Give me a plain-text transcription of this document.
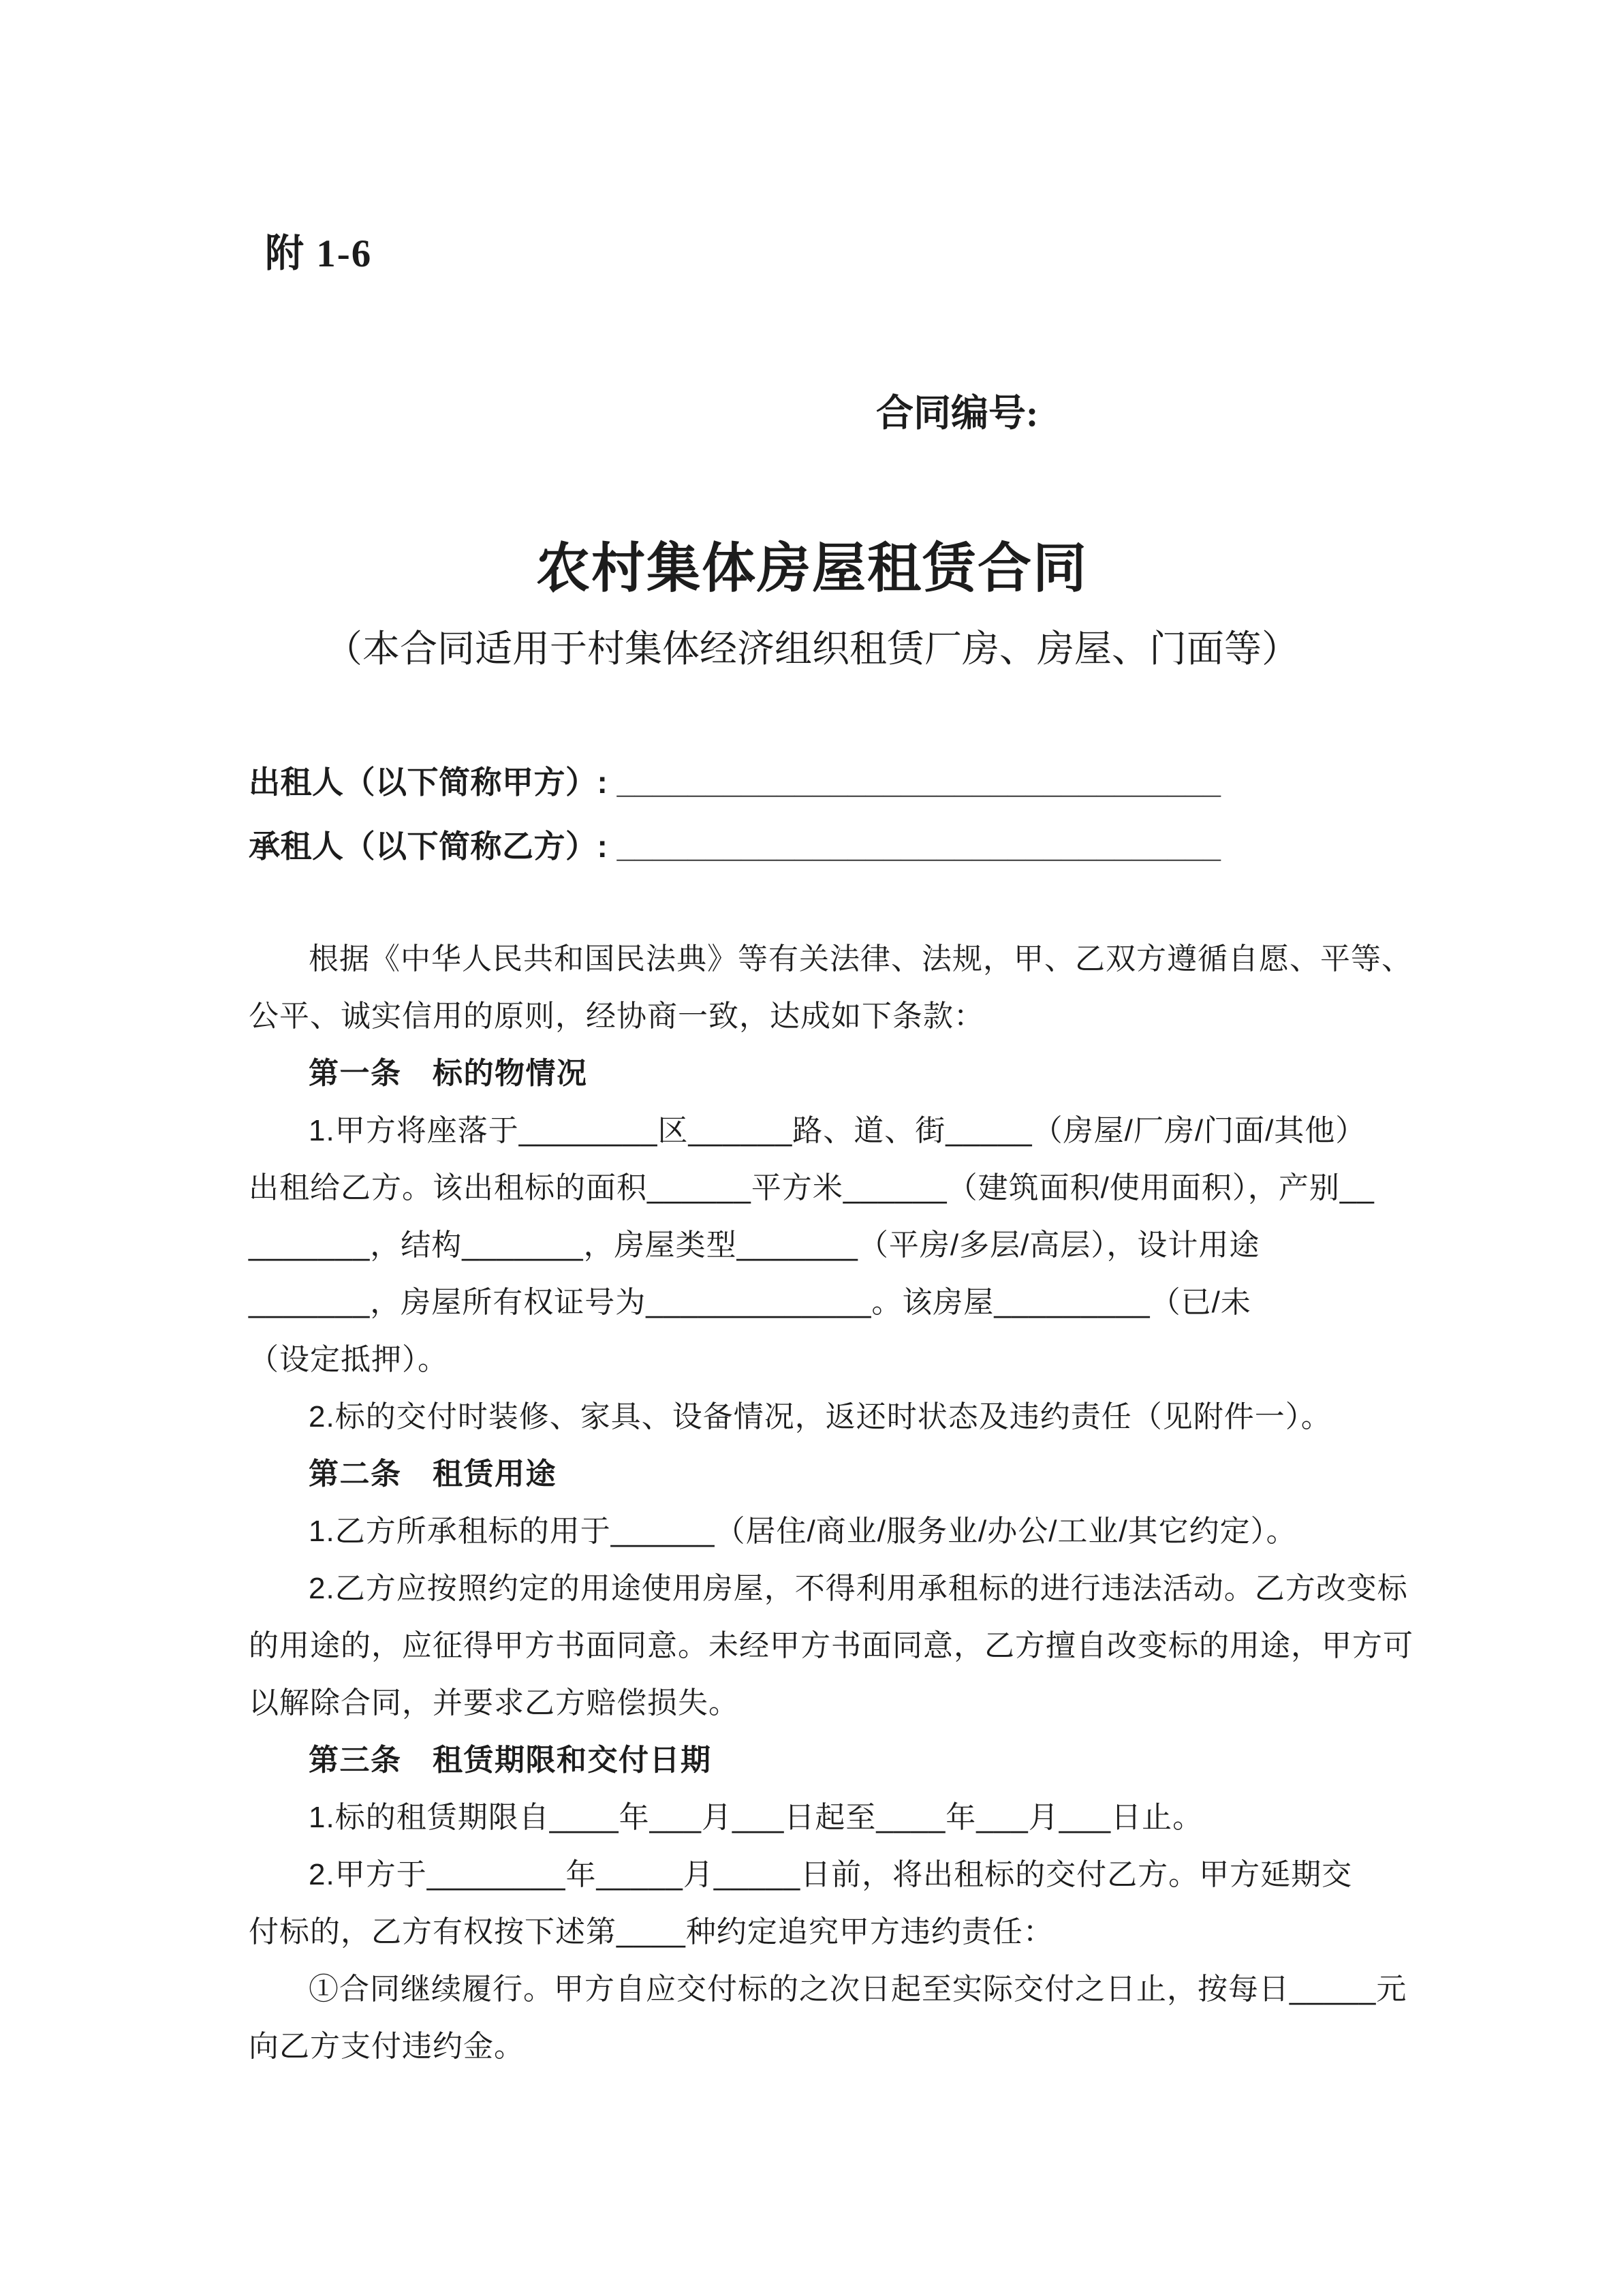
附 1-6
合同编号:
农村集体房屋租赁合同
（本合同适用于村集体经济组织租赁厂房、房屋、门面等）
出租人（以下简称甲方）: __________________________________
承租人（以下简称乙方）: __________________________________
根据《中华人民共和国民法典》等有关法律、法规，甲、乙双方遵循自愿、平等、
公平、诚实信用的原则，经协商一致，达成如下条款：
第一条　标的物情况
1.甲方将座落于________区______路、道、街_____（房屋/厂房/门面/其他）
出租给乙方。该出租标的面积______平方米______（建筑面积/使用面积），产别__
_______，结构_______，房屋类型_______（平房/多层/高层），设计用途
_______，房屋所有权证号为_____________。该房屋_________（已/未
（设定抵押）。
2.标的交付时装修、家具、设备情况，返还时状态及违约责任（见附件一）。
第二条　租赁用途
1.乙方所承租标的用于______（居住/商业/服务业/办公/工业/其它约定）。
2.乙方应按照约定的用途使用房屋，不得利用承租标的进行违法活动。乙方改变标
的用途的，应征得甲方书面同意。未经甲方书面同意，乙方擅自改变标的用途，甲方可
以解除合同，并要求乙方赔偿损失。
第三条　租赁期限和交付日期
1.标的租赁期限自____年___月___日起至____年___月___日止。
2.甲方于________年_____月_____日前，将出租标的交付乙方。甲方延期交
付标的，乙方有权按下述第____种约定追究甲方违约责任：
①合同继续履行。甲方自应交付标的之次日起至实际交付之日止，按每日_____元
向乙方支付违约金。
